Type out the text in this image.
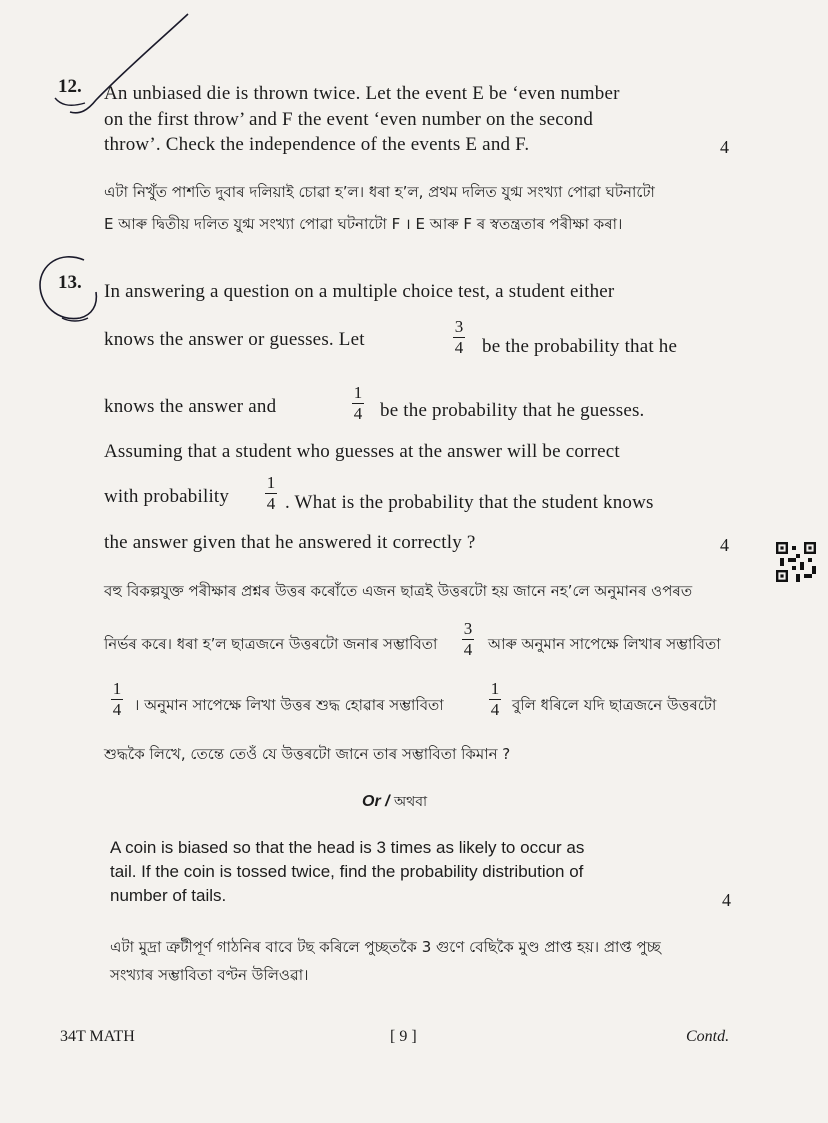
12. An unbiased die is thrown twice. Let the event E be ‘even number
on the first throw’ and F the event ‘even number on the second
throw’. Check the independence of the events E and F.	4
এটা নিখুঁত পাশতি দুবাৰ দলিয়াই চোৱা হ’ল। ধৰা হ’ল, প্ৰথম দলিত যুগ্ম সংখ্যা পোৱা ঘটনাটো
E আৰু দ্বিতীয় দলিত যুগ্ম সংখ্যা পোৱা ঘটনাটো F । E আৰু F ৰ স্বতন্ত্ৰতাৰ পৰীক্ষা কৰা।
13. In answering a question on a multiple choice test, a student either
knows the answer or guesses. Let
3
4 be the probability that he
knows the answer and
1
4 be the probability that he guesses.
Assuming that a student who guesses at the answer will be correct
with probability
1
4 . What is the probability that the student knows
the answer given that he answered it correctly ?	4
বহু বিকল্পযুক্ত পৰীক্ষাৰ প্ৰশ্নৰ উত্তৰ কৰোঁতে এজন ছাত্ৰই উত্তৰটো হয় জানে নহ’লে অনুমানৰ ওপৰত
নিৰ্ভৰ কৰে। ধৰা হ’ল ছাত্ৰজনে উত্তৰটো জনাৰ সম্ভাবিতা
3
4 আৰু অনুমান সাপেক্ষে লিখাৰ সম্ভাবিতা
1
4 । অনুমান সাপেক্ষে লিখা উত্তৰ শুদ্ধ হোৱাৰ সম্ভাবিতা
1
4 বুলি ধৰিলে যদি ছাত্ৰজনে উত্তৰটো
শুদ্ধকৈ লিখে, তেন্তে তেওঁ যে উত্তৰটো জানে তাৰ সম্ভাবিতা কিমান ?
Or / অথবা
A coin is biased so that the head is 3 times as likely to occur as
tail. If the coin is tossed twice, find the probability distribution of
number of tails.	4
এটা মুদ্ৰা ত্ৰুটীপূৰ্ণ গাঠনিৰ বাবে টছ কৰিলে পুচ্ছতকৈ 3 গুণে বেছিকৈ মুণ্ড প্ৰাপ্ত হয়। প্ৰাপ্ত পুচ্ছ
সংখ্যাৰ সম্ভাবিতা বণ্টন উলিওৱা।
34T MATH	[ 9 ]	Contd.
